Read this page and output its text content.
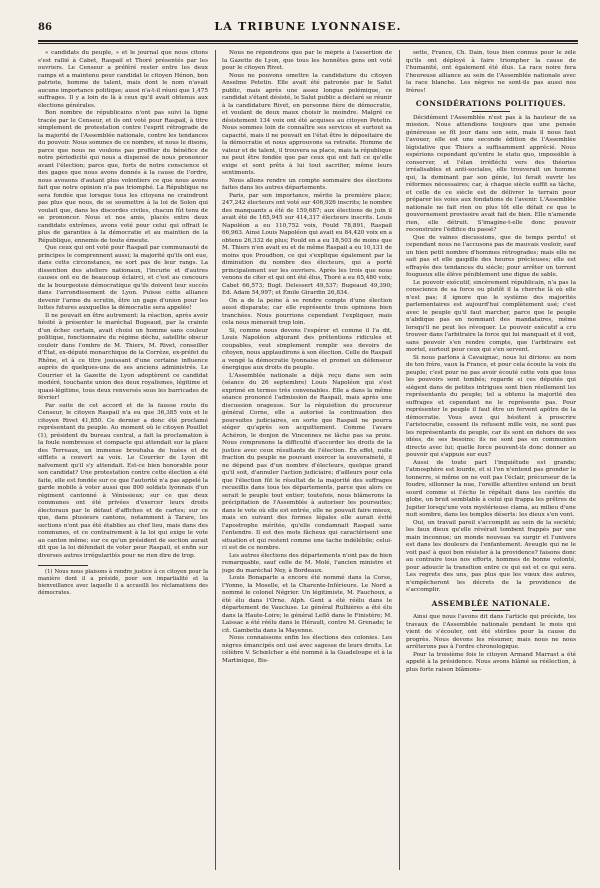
86	LA TRIBUNE LYONNAISE.

« candidats du peuple, » et le journal que nous citons s'est rallié à Cabet, Raspail et Thoré présentés par les ouvriers. Le Censeur a préféré rester entre les deux camps et a maintenu pour candidat le citoyen Hénon, bon patriote, homme de talent, mais dont le nom n'avait aucune importance politique; aussi n'a-t-il réuni que 1,475 suffrages. Il y a loin de là à ceux qu'il avait obtenus aux élections générales.

Bon nombre de républicains n'ont pas suivi la ligne tracée par le Censeur, et ils ont voté pour Raspail, à titre simplement de protestation contre l'esprit rétrograde de la majorité de l'Assemblée nationale, contre les tendances du pouvoir. Nous sommes de ce nombre, et nous le disons, parce que nous ne voulons pas profiter du bénéfice de notre périodicité qui nous a dispensé de nous prononcer avant l'élection; parce que, forts de notre conscience et des gages que nous avons donnés à la cause de l'ordre, nous avouons d'autant plus volontiers ce que nous avons fait que notre opinion n'a pas triomphé. La République ne sera fondée que lorsque tous les citoyens ne craindront pas plus que nous, de se soumettre à la loi de Solon qui voulait que, dans les discordes civiles, chacun fût tenu de se prononcer. Nous et nos amis, placés entre deux candidats extrêmes, avons voté pour celui qui offrait le plus de garanties à la démocratie et au maintien de la République, ennemis de toute émeute.

Que ceux qui ont voté pour Raspail par communauté de principes le comprennent aussi; la majorité qu'ils ont eue, dans cette circonstance, ne sort pas de leur rangs. La dissention des ateliers nationaux, l'incurie et d'autres causes ont eu de beaucoup éclairci, et c'est au concours de la bourgeoisie démocratique qu'ils doivent leur succès dans l'arrondissement de Lyon. Puisse cette alliance devenir l'arme du scrutin, être un gage d'union pour les luttes futures auxquelles la démocratie sera appelée!

Il ne pouvait en être autrement: la réaction, après avoir hésité à présenter le maréchal Bugeaud, par la crainte d'un échec certain, avait choisi un homme sans couleur politique, fonctionnaire du régime déchu, satellite obscur couloir dans l'ombre de M. Thiers, M. Rivet, conseiller d'État, ex-député monarchique de la Corrèze, ex-préfet du Rhône, et à ce titre jouissant d'une certaine influence auprès de quelques-uns de ses anciens administrés. Le Courrier et la Gazette de Lyon adoptèrent ce candidat modéré, touchante union des deux royalismes, légitime et quasi-légitime, tous deux renversés sous les barricades de février!

Par suite de cet accord et de la fausse route du Censeur, le citoyen Raspail n'a eu que 36,385 voix et le citoyen Rivet 41,850. Ce dernier a donc été proclamé représentant du peuple. Au moment où le citoyen Pouillet (1), président du bureau central, a fait la proclamation à la foule nombreuse et compacte qui attendait sur la place des Terreaux, un immense brouhaha de huées et de sifflets a couvert sa voix. Le Courrier de Lyon dit naïvement qu'il s'y attendait. Est-ce bien honorable pour son candidat? Une protestation contre cette élection a été faite, elle est fondée sur ce que l'autorité n'a pas appelé la garde mobile à voter aussi que 800 soldats lyonnais d'un régiment cantonné à Vénissieux; sur ce que deux communes ont été privées d'exercer leurs droits électoraux par le défaut d'affiches et de cartes; sur ce que, dans plusieurs cantons, notamment à Tarare, les sections n'ont pas été établies au chef lieu, mais dans des communes, et ce contrairement à la loi qui exige le vote au canton même; sur ce qu'un président de section aurait dit que la loi défendait de voter pour Raspail, et enfin sur diverses autres irrégularités pour ne rien dire de trop.

(1) Nous nous plaisons à rendre justice à ce citoyen pour la manière dont il a présidé, pour son impartialité et la bienveillance avec laquelle il a accueilli les réclamations des démocrates.

Nous ne répondrons que par le mépris à l'assertion de la Gazette de Lyon, que tous les honnêtes gens ont voté pour le citoyen Rivet.

Nous ne pouvons omettre la candidature du citoyen Anselme Petetin. Elle avait été patronée par le Salut public, mais après une assez longue polémique, ce candidat s'étant désisté, le Salut public a déclaré se réunir à la candidature Rivet, en personne fière de démocratie, et voulant de deux maux choisir le moindre. Malgré ce désistement 134 voix ont été acquises au citoyen Petetin. Nous sommes loin de connaître ses services et surtout sa capacité, mais il ne pouvait en l'état être le dépositaire de la démocratie et nous approuvons sa retraite. Homme de valeur et de talent, il trouvera sa place, mais la république ne peut être fondée que par ceux qui ont fait ce qu'elle exige et sont prêts à lui tout sacrifier, même leurs sentiments.

Nous allons rendre un compte sommaire des élections faites dans les autres départements.

Paris, par son importance, mérite la première place; 247,242 électeurs ont voté sur 406,926 inscrits; le nombre des manquants a été de 159,687; aux élections de juin il avait été de 165,945 sur 414,317 électeurs inscrits. Louis Napoléon a eu 110,752 voix, Fould 78,891, Raspail 66,963. Ainsi Louis Napoléon qui avait eu 84,420 voix en a obtenu 26,332 de plus; Fould en a eu 18,503 de moins que M. Thiers n'en avait eu et de même Raspail a eu 10,131 de moins que Proudhon, ce qui s'explique également par la diminution du nombre des électeurs, qui a porté principalement sur les ouvriers. Après les trois que nous venons de citer et qui ont été élus, Thoré a eu 65,480 voix; Cabet 66,573; Bugl. Delessert 49,537; Bugeaud 49,390; Ed. Adam 54,997; et Émile Girardin 26,834.

On a de la peine à se rendre compte d'une élection aussi disparate; car elle représente trois opinions bien tranchées. Nous pourrions cependant l'expliquer, mais cela nous mènerait trop loin.

Si, comme nous devons l'espérer et comme il l'a dit, Louis Napoléon abjurant des prétentions ridicules et coupables, veut simplement remplir ses devoirs de citoyen, nous applaudirons à son élection. Celle de Raspail a vengé la démocratie lyonnaise et promet un défenseur énergique aux droits du peuple.

L'Assemblée nationale a déjà reçu dans son sein (séance du 26 septembre) Louis Napoléon qui s'est exprimé en termes très convenables. Elle a dans la même séance prononcé l'admission de Raspail, mais après une discussion orageuse. Sur la réquisition du procureur général Corne, elle a autorisé la continuation des poursuites judiciaires, en sorte que Raspail ne pourra siéger qu'après son acquittement. Comme l'avare Achéron, le donjon de Vincennes ne lâche pas sa proie. Nous comprenons la difficulté d'accorder les droits de la justice avec ceux résultants de l'élection. En effet, nulle fraction du peuple ne pouvant exercer la souveraineté, il ne dépend pas d'un nombre d'électeurs, quelque grand qu'il soit, d'annuler l'action judiciaire; d'ailleurs pour cela que l'élection fût le résultat de la majorité des suffrages recueillis dans tous les départements, parce que alors ce serait le peuple tout entier; toutefois, nous blâmerons la précipitation de l'Assemblée à autoriser les poursuites; dans le vote où elle est entrée, elle ne pouvait faire mieux, mais en suivant des formes légales elle aurait évité l'apostrophe méritée, qu'elle condamnait Raspail sans l'entendre. Il est des mots fâcheux qui caractérisent une situation et qui restent comme une tache indélébile; celui-ci est de ce nombre.

Les autres élections des départements n'ont pas de bien remarquable, sauf celle de M. Molé, l'ancien ministre et juge du maréchal Ney, à Bordeaux.

Louis Bonaparte a encore été nommé dans la Corse, l'Yonne, la Moselle, et la Charente-Inférieure. Le Nord a nommé le colonel Négrier. Un légitimiste, M. Fauchoux, a été élu dans l'Orne. Alph. Gent a été réélu dans le département de Vaucluse. Le général Rulhières a été élu dans la Haute-Loire; le général Leflô dans le Finistère; M. Laissac a été réélu dans le Hérault, contre M. Grenade; le cit. Gambetta dans la Mayenne.

Nous connaissons enfin les élections des colonies. Les nègres émancipés ont usé avec sagesse de leurs droits. Le célèbre V. Schœlcher a été nommé à la Guadeloupe et à la Martinique, Bis-

sette, France, Ch. Dain, tous bien connus pour le zèle qu'ils ont déployé à faire triompher la cause de l'humanité, ont également été élus. La race noire fera l'heureuse alliance au sein de l'Assemblée nationale avec la race blanche. Les nègres ne sont-ils pas aussi nos frères!

CONSIDÉRATIONS POLITIQUES.

Décidément l'Assemblée n'est pas à la hauteur de sa mission. Nous attendions toujours que une pensée généreuse se fît jour dans son sein, mais il nous faut l'avouer, elle est une seconde édition de l'Assemblée législative que Thiers a suffisamment apprécié. Nous espérions cependant qu'entre le statu quo, impossible à conserver, et l'élan irréfléchi vers des théories irréalisables et anti-sociales, elle trouverait un homme qui, la dominant par son génie, lui ferait ouvrir les réformes nécessaires; car, à chaque siècle suffit sa tâche, et celle de ce siècle est de délivrer le terrain pour préparer les voies aux fondations de l'avenir. L'Assemblée nationale ne fait rien ou plus tôt elle défait ce que le gouvernement provisoire avait fait de bien. Elle n'amende rien, elle détruit. S'imagine-t-elle donc pouvoir reconstruire l'édifice du passé?

Que de vaines discussions, que de temps perdu! et cependant nous ne l'accusons pas de mauvais vouloir, sauf un bien petit nombre d'hommes rétrogrades; mais elle ne sait pas et elle gaspille des heures précieuses; elle est effrayée des tendances du siècle; pour arrêter un torrent fougueux elle élève péniblement une digue de sable.

Le pouvoir exécutif, sincèrement républicain, n'a pas la conscience de sa force ou plutôt il la cherche là où elle n'est pas; il ignore que le système des majorités parlementaires est aujourd'hui complètement usé; c'est avec le peuple qu'il faut marcher, parce que le peuple n'abdique pas en nommant des mandataires, même lorsqu'il ne peut les révoquer. Le pouvoir exécutif a cru trouver dans l'arbitraire la force qui lui manquait et il voit, sans pouvoir s'en rendre compte, que l'arbitraire est mortel, surtout pour ceux qui s'en servent.

Si nous parlons à Cavaignac, nous lui dirions: au nom de ton frère, vaux la France, et pour cela écoute la voix du peuple; c'est pour ne pas avoir écouté cette voix que tous les pouvoirs sont tombés; regarde si ces députés qui siègent dans de petites intrigues sont bien réellement les représentants du peuple; tel a obtenu la majorité des suffrages et cependant ne le représente pas. Pour représenter le peuple il faut être un fervent apôtre de la démocratie. Vous avez qui hésitent à proscrire l'aristocratie, cessent ils refusent mille voix, ne sont pas les représentants du peuple, car ils sont en dehors de ses idées, de ses besoins; ils ne sont pas en communion directe avec lui; quelle force peuvent-ils donc donner au pouvoir qui s'appuie sur eux?

Aussi de toute part l'inquiétude est grande; l'atmosphère est lourde, et si l'on n'entend pas gronder le tonnerre, si même on ne voit pas l'éclair, précurseur de la foudre, sillonner la nue, l'oreille attentive entend un bruit sourd comme si l'écho le répétait dans les cavités du globe, un bruit semblable à celui qui frappa les prêtres de Jupiter lorsqu'une voix mystérieuse clama, au milieu d'une nuit sombre, dans les temples déserts: les dieux s'en vont.

Oui, un travail pareil s'accomplit au sein de la société; les faux dieux qu'elle révérait tombent frappés par une main inconnue; un monde nouveau va surgir et l'univers est dans les douleurs de l'enfantement. Aveugle qui ne le voit pas! à quoi bon résister à la providence? faisons donc au contraire tous nos efforts, hommes de bonne volonté, pour adoucir la transition entre ce qui est et ce qui sera. Les regrets des uns, pas plus que les vœux des autres, n'empêcheront les décrets de la providence de s'accomplir.

ASSEMBLÉE NATIONALE.

Ainsi que nous l'avons dit dans l'article qui précède, les travaux de l'Assemblée nationale pendant le mois qui vient de s'écouler, ont été stériles pour la cause du progrès. Nous devons les résumer, mais nous ne nous arrêterons pas à l'ordre chronologique.

Pour la troisième fois le citoyen Armand Marrast a été appelé à la présidence. Nous avons blâmé sa réélection, à plus forte raison blâmons-
